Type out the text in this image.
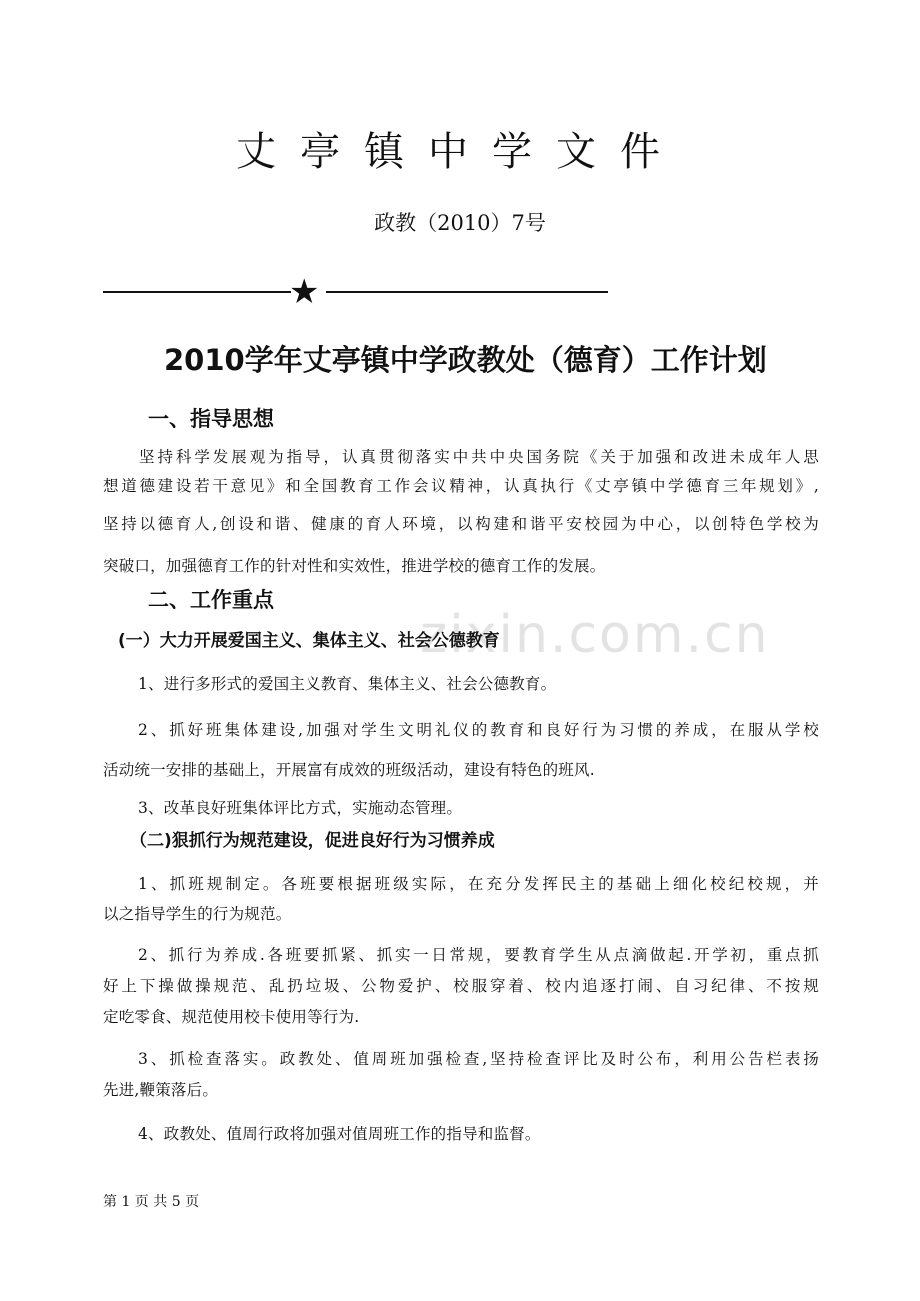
zixin.com.cn
丈亭镇中学文件
政教（2010）7号
★
2010学年丈亭镇中学政教处（德育）工作计划
一、指导思想
坚持科学发展观为指导，认真贯彻落实中共中央国务院《关于加强和改进未成年人思
想道德建设若干意见》和全国教育工作会议精神，认真执行《丈亭镇中学德育三年规划》,
坚持以德育人,创设和谐、健康的育人环境，以构建和谐平安校园为中心，以创特色学校为
突破口，加强德育工作的针对性和实效性，推进学校的德育工作的发展。
二、工作重点
(一）大力开展爱国主义、集体主义、社会公德教育
1、进行多形式的爱国主义教育、集体主义、社会公德教育。
2、抓好班集体建设,加强对学生文明礼仪的教育和良好行为习惯的养成，在服从学校
活动统一安排的基础上，开展富有成效的班级活动，建设有特色的班风.
3、改革良好班集体评比方式，实施动态管理。
（二)狠抓行为规范建设，促进良好行为习惯养成
1、抓班规制定。各班要根据班级实际，在充分发挥民主的基础上细化校纪校规，并
以之指导学生的行为规范。
2、抓行为养成.各班要抓紧、抓实一日常规，要教育学生从点滴做起.开学初，重点抓
好上下操做操规范、乱扔垃圾、公物爱护、校服穿着、校内追逐打闹、自习纪律、不按规
定吃零食、规范使用校卡使用等行为.
3、抓检查落实。政教处、值周班加强检查,坚持检查评比及时公布，利用公告栏表扬
先进,鞭策落后。
4、政教处、值周行政将加强对值周班工作的指导和监督。
第 1 页 共 5 页
